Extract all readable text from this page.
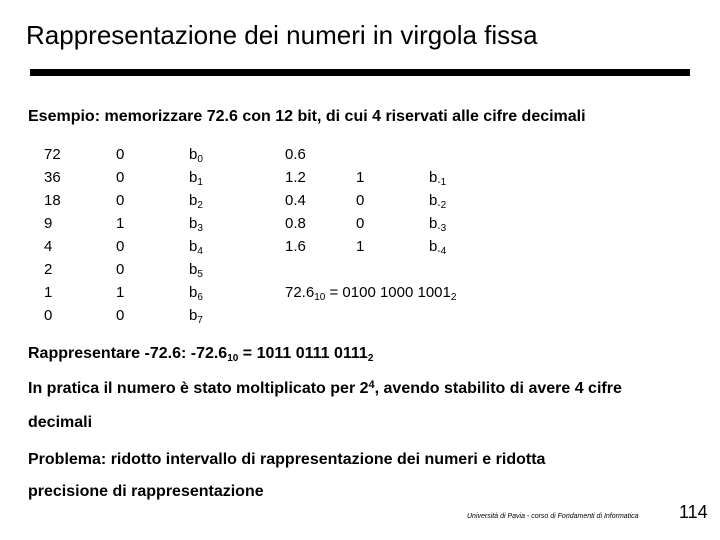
Rappresentazione dei numeri in virgola fissa
Esempio: memorizzare 72.6 con 12 bit, di cui 4 riservati alle cifre decimali
72
36
18
9
4
2
1
0
0
0
0
1
0
0
1
0
$b_0$
$b_1$
$b_2$
$b_3$
$b_4$
$b_5$
$b_6$
$b_7$
0.6
1.2
0.4
0.8
1.6
1
0
0
1
$b_{-1}$
$b_{-2}$
$b_{-3}$
$b_{-4}$
$72.6_{10} = 0100$ 1000 $1001_2$
Rappresentare -72.6: $-72.6_{10} = 1011$ 0111 $0111_2$
In pratica il numero è stato moltiplicato per $2^4$, avendo stabilito di avere 4 cifre
decimali
Problema: ridotto intervallo di rappresentazione dei numeri e ridotta
precisione di rappresentazione
Università di Pavia - corso di Fondamenti di Informatica 114
